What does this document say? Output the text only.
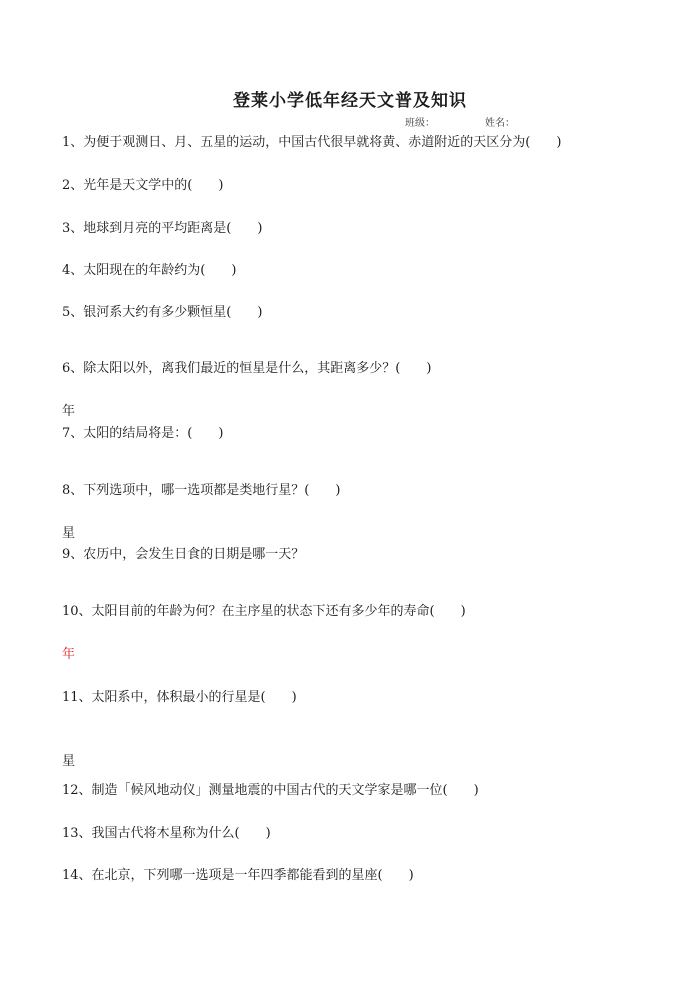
登莱小学低年经天文普及知识
班级：	姓名：
1、为便于观测日、月、五星的运动，中国古代很早就将黄、赤道附近的天区分为(　　)
2、光年是天文学中的(　　)
3、地球到月亮的平均距离是(　　)
4、太阳现在的年龄约为(　　)
5、银河系大约有多少颗恒星(　　)
6、除太阳以外，离我们最近的恒星是什么，其距离多少？(　　)
年
7、太阳的结局将是：(　　)
8、下列选项中，哪一选项都是类地行星？(　　)
星
9、农历中，会发生日食的日期是哪一天？
10、太阳目前的年龄为何？在主序星的状态下还有多少年的寿命(　　)
年
11、太阳系中，体积最小的行星是(　　)
星
12、制造「候风地动仪」测量地震的中国古代的天文学家是哪一位(　　)
13、我国古代将木星称为什么(　　)
14、在北京，下列哪一选项是一年四季都能看到的星座(　　)
